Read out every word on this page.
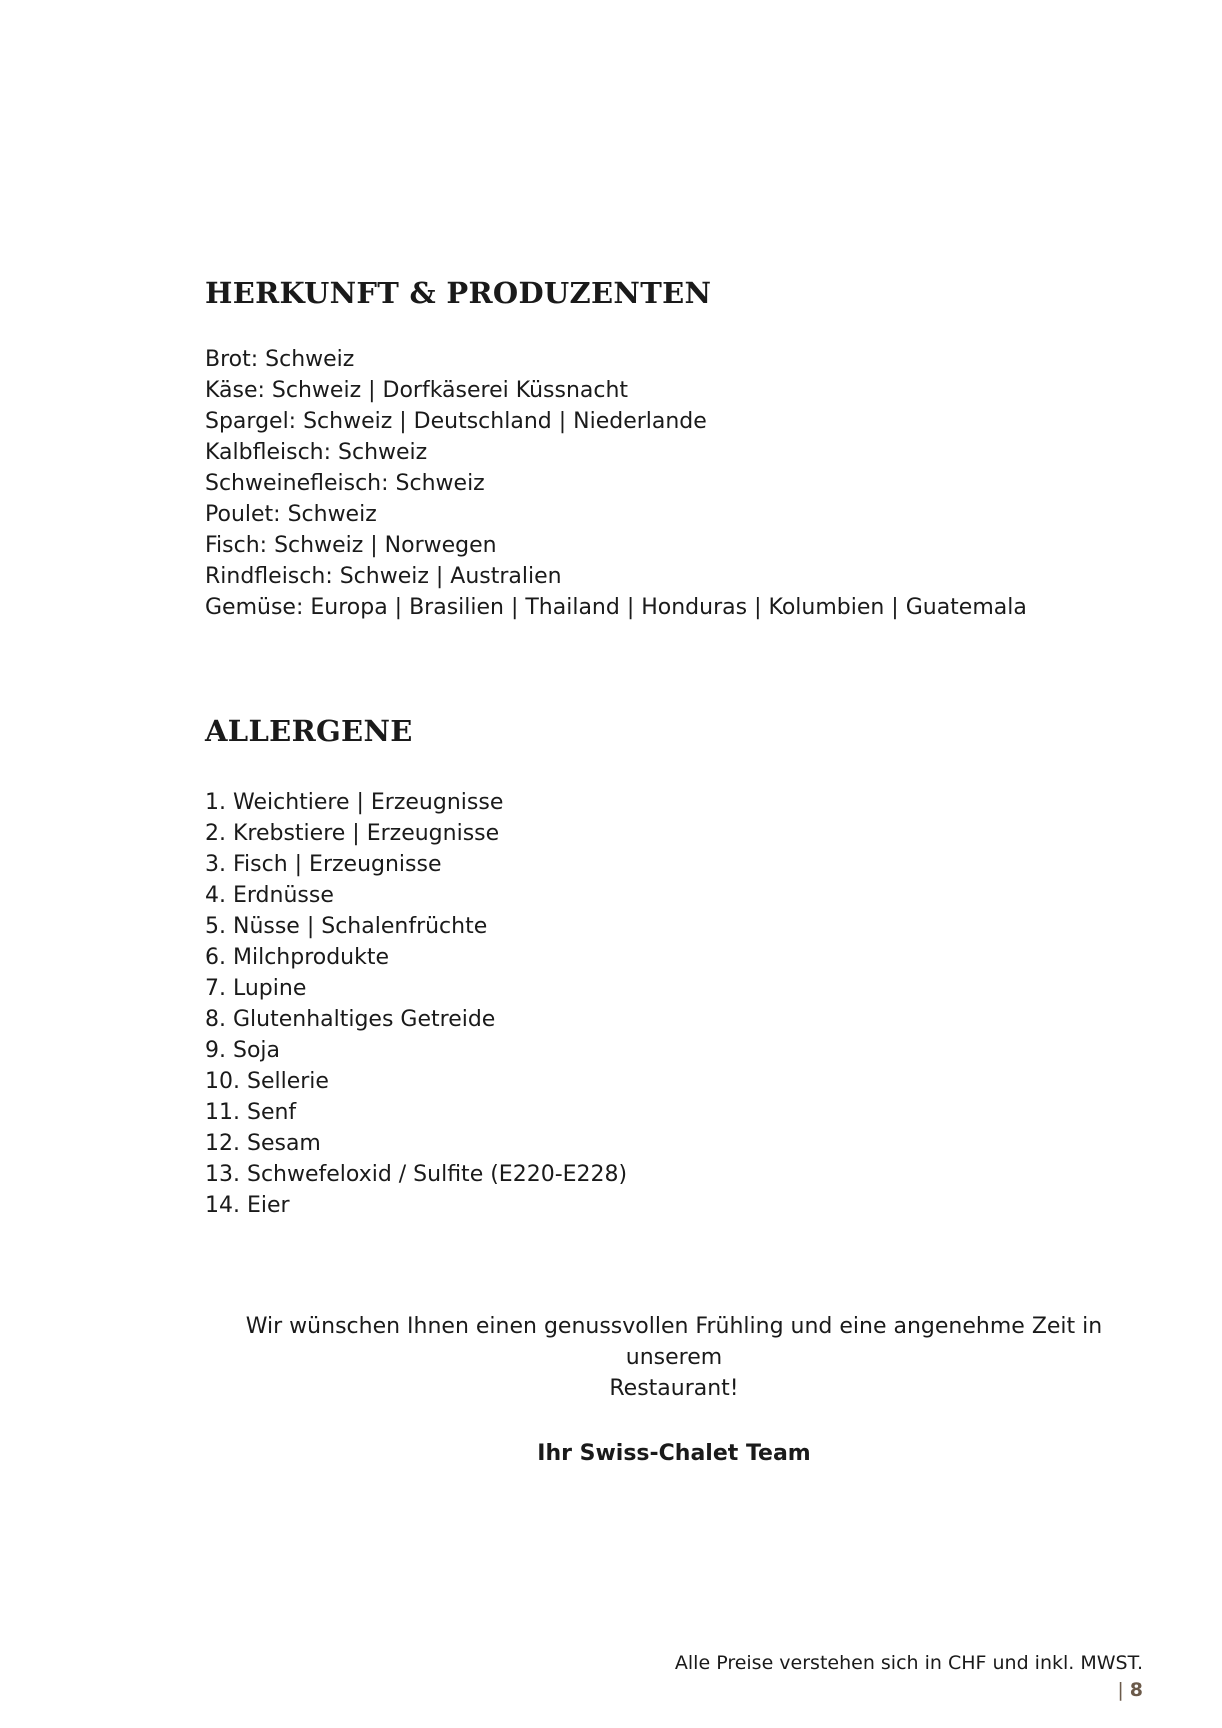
HERKUNFT & PRODUZENTEN
Brot: Schweiz
Käse: Schweiz | Dorfkäserei Küssnacht
Spargel: Schweiz | Deutschland | Niederlande
Kalbfleisch: Schweiz
Schweinefleisch: Schweiz
Poulet: Schweiz
Fisch: Schweiz | Norwegen
Rindfleisch: Schweiz | Australien
Gemüse: Europa | Brasilien | Thailand | Honduras | Kolumbien | Guatemala
ALLERGENE
1. Weichtiere | Erzeugnisse
2. Krebstiere | Erzeugnisse
3. Fisch | Erzeugnisse
4. Erdnüsse
5. Nüsse | Schalenfrüchte
6. Milchprodukte
7. Lupine
8. Glutenhaltiges Getreide
9. Soja
10. Sellerie
11. Senf
12. Sesam
13. Schwefeloxid / Sulfite (E220-E228)
14. Eier

Wir wünschen Ihnen einen genussvollen Frühling und eine angenehme Zeit in unserem
Restaurant!

Ihr Swiss-Chalet Team

Alle Preise verstehen sich in CHF und inkl. MWST.

| 8
